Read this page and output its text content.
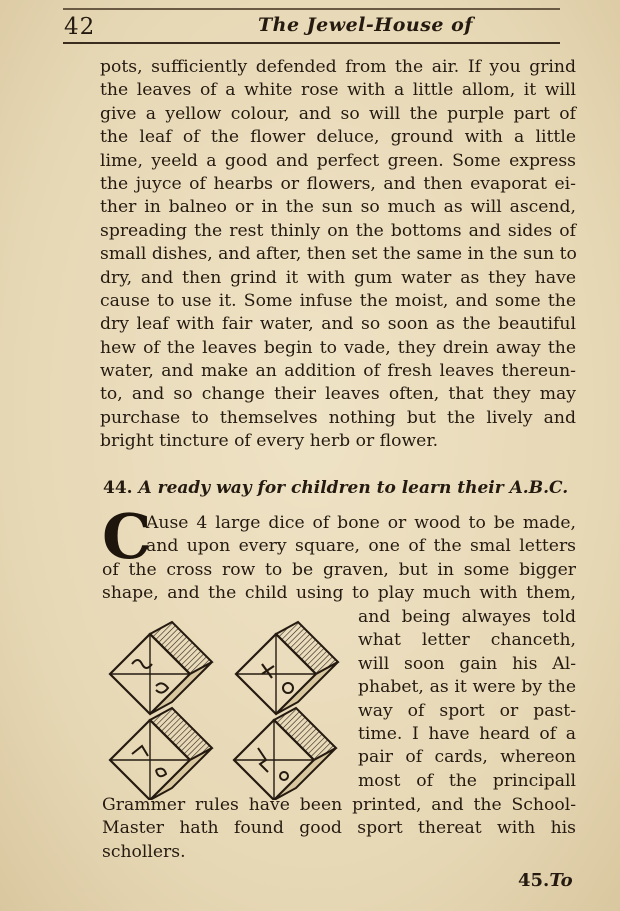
42	The Jewel-House of
pots, sufficiently defended from the air. If you grind
the leaves of a white rose with a little allom, it will
give a yellow colour, and so will the purple part of
the leaf of the flower deluce, ground with a little
lime, yeeld a good and perfect green. Some express
the juyce of hearbs or flowers, and then evaporat ei-
ther in balneo or in the sun so much as will ascend,
spreading the rest thinly on the bottoms and sides of
small dishes, and after, then set the same in the sun to
dry, and then grind it with gum water as they have
cause to use it. Some infuse the moist, and some the
dry leaf with fair water, and so soon as the beautiful
hew of the leaves begin to vade, they drein away the
water, and make an addition of fresh leaves thereun-
to, and so change their leaves often, that they may
purchase to themselves nothing but the lively and
bright tincture of every herb or flower.
44. A ready way for children to learn their A.B.C.
C
Ause 4 large dice of bone or wood to be made,
and upon every square, one of the smal letters
of the cross row to be graven, but in some bigger
shape, and the child using to play much with them,
and being alwayes told
what letter chanceth,
will soon gain his Al-
phabet, as it were by the
way of sport or past-
time. I have heard of a
pair of cards, whereon
most of the principall
Grammer rules have been printed, and the School-
Master hath found good sport thereat with his
schollers.
45.To
